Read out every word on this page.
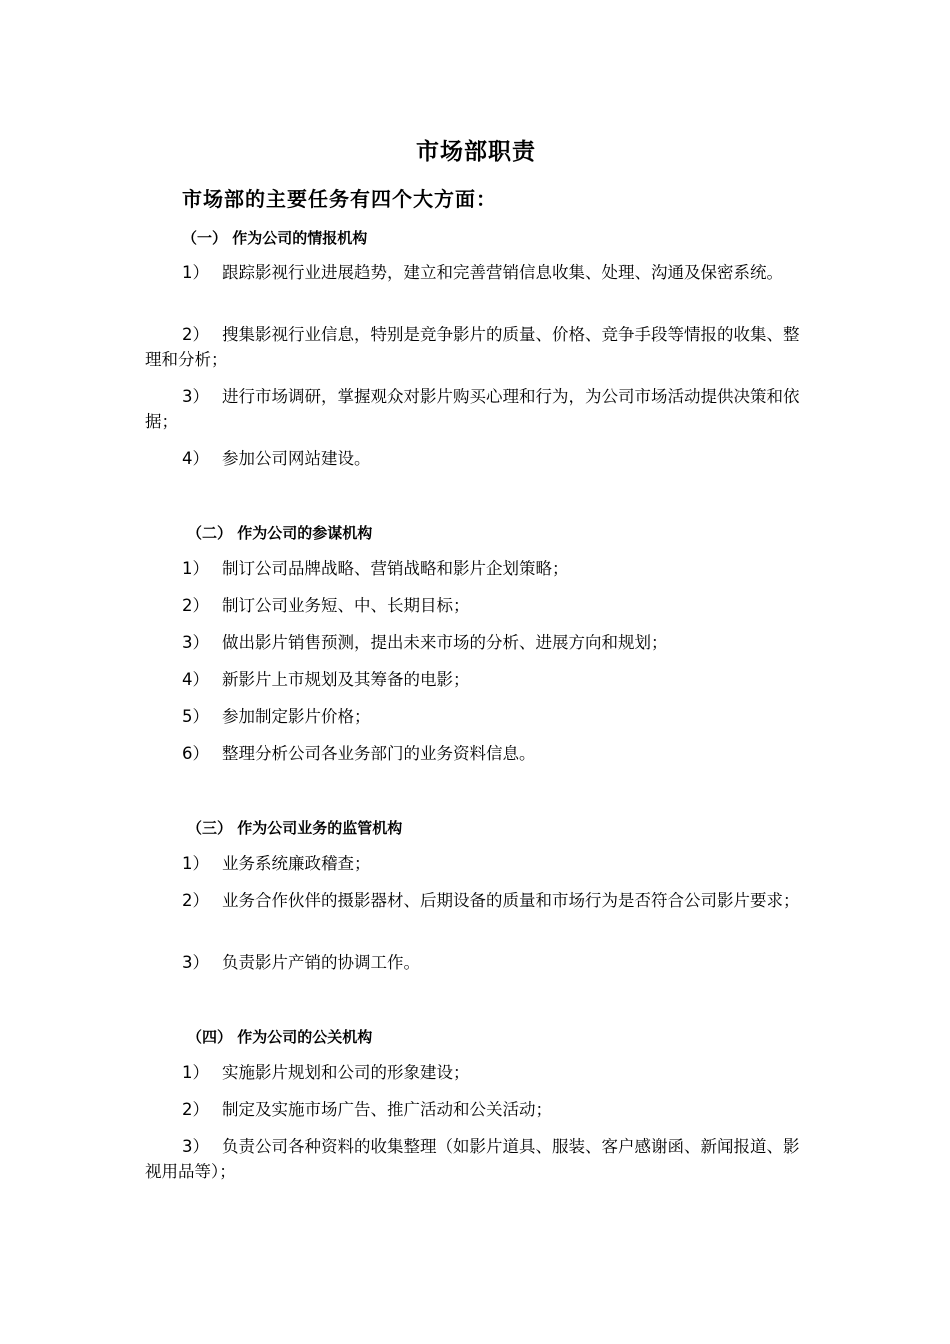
市场部职责
市场部的主要任务有四个大方面：
（一） 作为公司的情报机构
1） 跟踪影视行业进展趋势，建立和完善营销信息收集、处理、沟通及保密系统。
2） 搜集影视行业信息，特别是竞争影片的质量、价格、竞争手段等情报的收集、整理和分析；
3） 进行市场调研，掌握观众对影片购买心理和行为，为公司市场活动提供决策和依据；
4） 参加公司网站建设。
（二） 作为公司的参谋机构
1） 制订公司品牌战略、营销战略和影片企划策略；
2） 制订公司业务短、中、长期目标；
3） 做出影片销售预测，提出未来市场的分析、进展方向和规划；
4） 新影片上市规划及其筹备的电影；
5） 参加制定影片价格；
6） 整理分析公司各业务部门的业务资料信息。
（三） 作为公司业务的监管机构
1） 业务系统廉政稽查；
2） 业务合作伙伴的摄影器材、后期设备的质量和市场行为是否符合公司影片要求；
3） 负责影片产销的协调工作。
（四） 作为公司的公关机构
1） 实施影片规划和公司的形象建设；
2） 制定及实施市场广告、推广活动和公关活动；
3） 负责公司各种资料的收集整理（如影片道具、服装、客户感谢函、新闻报道、影视用品等）；
